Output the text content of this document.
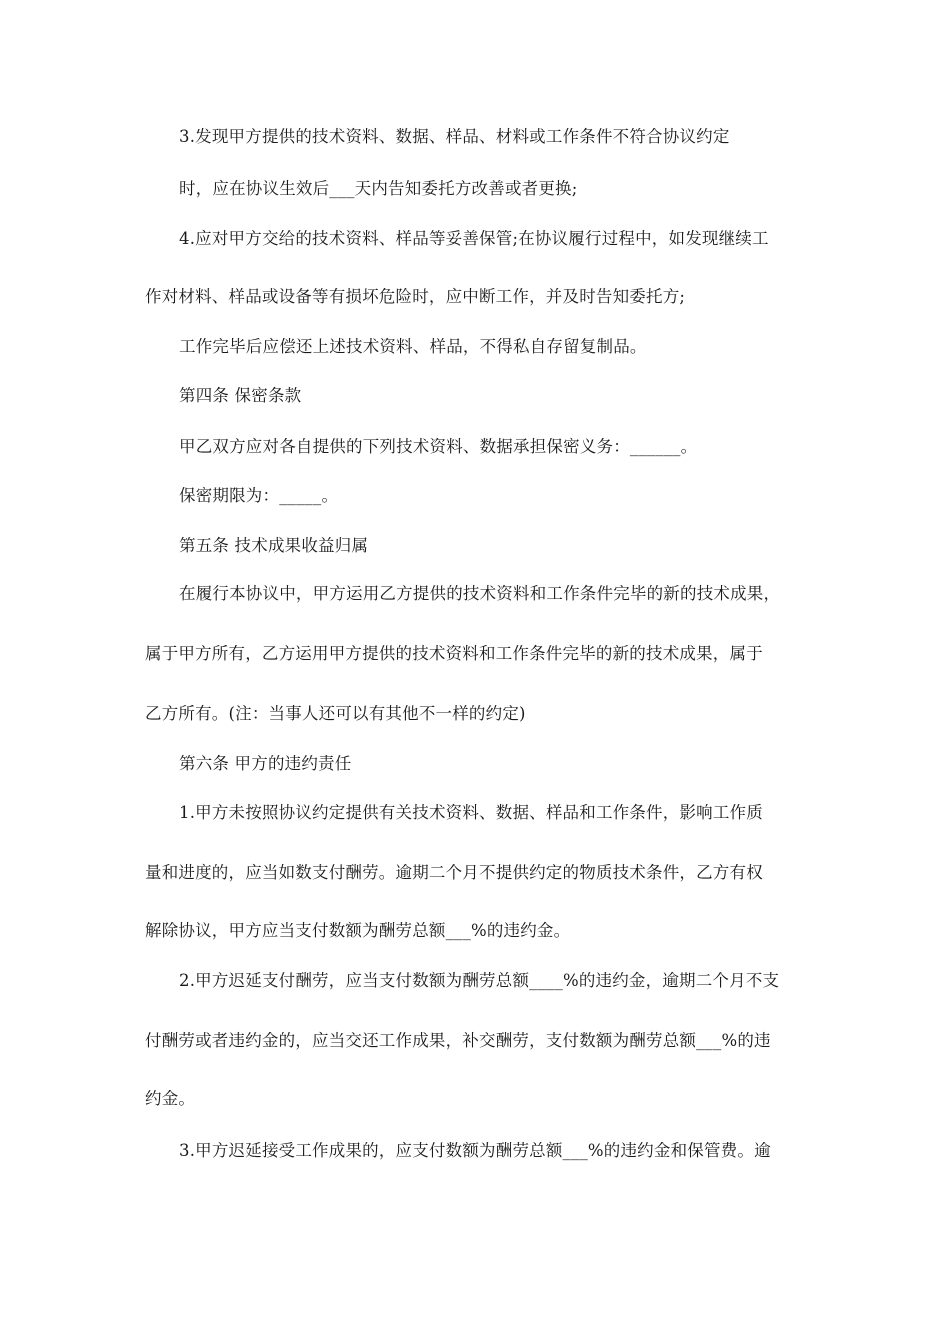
3.发现甲方提供的技术资料、数据、样品、材料或工作条件不符合协议约定
时，应在协议生效后___天内告知委托方改善或者更换;
4.应对甲方交给的技术资料、样品等妥善保管;在协议履行过程中，如发现继续工
作对材料、样品或设备等有损坏危险时，应中断工作，并及时告知委托方;
工作完毕后应偿还上述技术资料、样品，不得私自存留复制品。
第四条 保密条款
甲乙双方应对各自提供的下列技术资料、数据承担保密义务：______。
保密期限为：_____。
第五条 技术成果收益归属
在履行本协议中，甲方运用乙方提供的技术资料和工作条件完毕的新的技术成果，
属于甲方所有，乙方运用甲方提供的技术资料和工作条件完毕的新的技术成果，属于
乙方所有。(注：当事人还可以有其他不一样的约定)
第六条 甲方的违约责任
1.甲方未按照协议约定提供有关技术资料、数据、样品和工作条件，影响工作质
量和进度的，应当如数支付酬劳。逾期二个月不提供约定的物质技术条件，乙方有权
解除协议，甲方应当支付数额为酬劳总额___%的违约金。
2.甲方迟延支付酬劳，应当支付数额为酬劳总额____%的违约金，逾期二个月不支
付酬劳或者违约金的，应当交还工作成果，补交酬劳，支付数额为酬劳总额___%的违
约金。
3.甲方迟延接受工作成果的，应支付数额为酬劳总额___%的违约金和保管费。逾
